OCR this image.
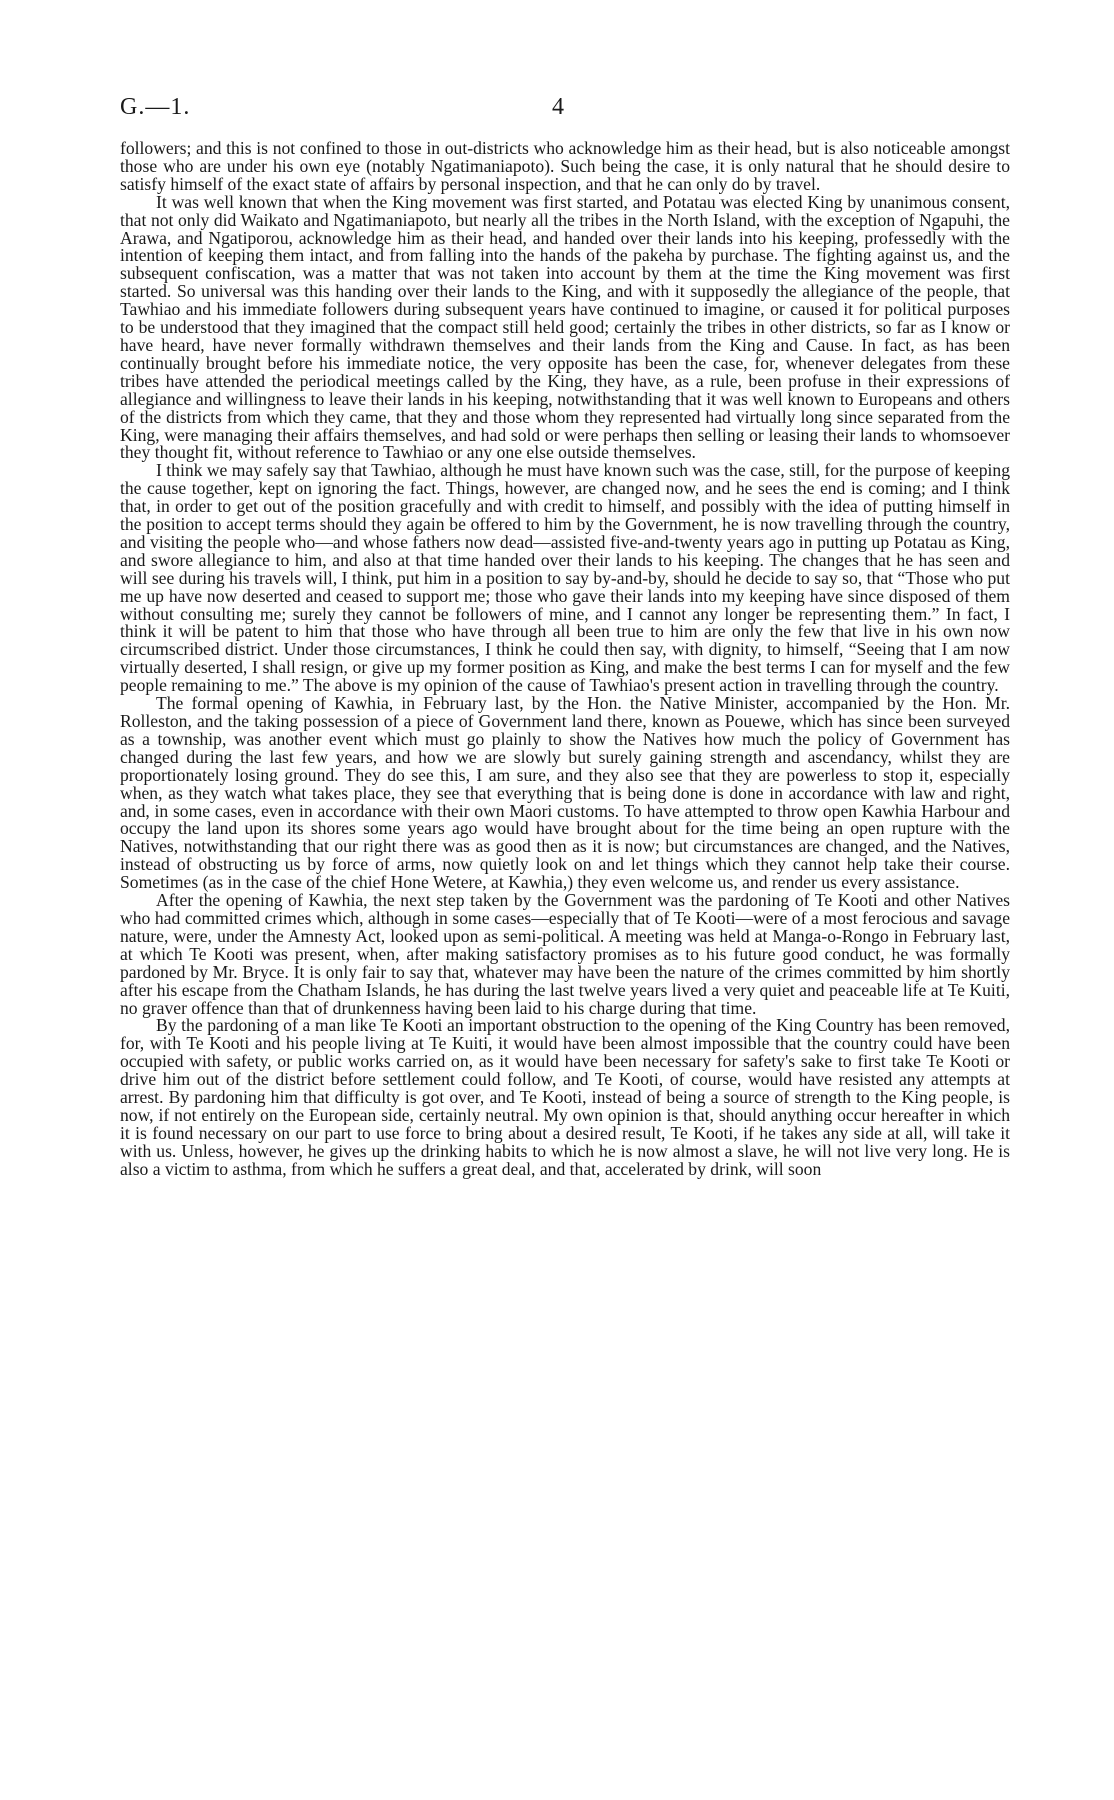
G.—1.	4

followers; and this is not confined to those in out-districts who acknowledge him as their head, but is also noticeable amongst those who are under his own eye (notably Ngatimaniapoto). Such being the case, it is only natural that he should desire to satisfy himself of the exact state of affairs by personal inspection, and that he can only do by travel.

It was well known that when the King movement was first started, and Potatau was elected King by unanimous consent, that not only did Waikato and Ngatimaniapoto, but nearly all the tribes in the North Island, with the exception of Ngapuhi, the Arawa, and Ngatiporou, acknowledge him as their head, and handed over their lands into his keeping, professedly with the intention of keeping them intact, and from falling into the hands of the pakeha by purchase. The fighting against us, and the subsequent confiscation, was a matter that was not taken into account by them at the time the King movement was first started. So universal was this handing over their lands to the King, and with it supposedly the allegiance of the people, that Tawhiao and his immediate followers during subsequent years have continued to imagine, or caused it for political purposes to be understood that they imagined that the compact still held good; certainly the tribes in other districts, so far as I know or have heard, have never formally withdrawn themselves and their lands from the King and Cause. In fact, as has been continually brought before his immediate notice, the very opposite has been the case, for, whenever delegates from these tribes have attended the periodical meetings called by the King, they have, as a rule, been profuse in their expressions of allegiance and willingness to leave their lands in his keeping, notwithstanding that it was well known to Europeans and others of the districts from which they came, that they and those whom they represented had virtually long since separated from the King, were managing their affairs themselves, and had sold or were perhaps then selling or leasing their lands to whomsoever they thought fit, without reference to Tawhiao or any one else outside themselves.

I think we may safely say that Tawhiao, although he must have known such was the case, still, for the purpose of keeping the cause together, kept on ignoring the fact. Things, however, are changed now, and he sees the end is coming; and I think that, in order to get out of the position gracefully and with credit to himself, and possibly with the idea of putting himself in the position to accept terms should they again be offered to him by the Government, he is now travelling through the country, and visiting the people who—and whose fathers now dead—assisted five-and-twenty years ago in putting up Potatau as King, and swore allegiance to him, and also at that time handed over their lands to his keeping. The changes that he has seen and will see during his travels will, I think, put him in a position to say by-and-by, should he decide to say so, that “Those who put me up have now deserted and ceased to support me; those who gave their lands into my keeping have since disposed of them without consulting me; surely they cannot be followers of mine, and I cannot any longer be representing them.” In fact, I think it will be patent to him that those who have through all been true to him are only the few that live in his own now circumscribed district. Under those circumstances, I think he could then say, with dignity, to himself, “Seeing that I am now virtually deserted, I shall resign, or give up my former position as King, and make the best terms I can for myself and the few people remaining to me.” The above is my opinion of the cause of Tawhiao's present action in travelling through the country.

The formal opening of Kawhia, in February last, by the Hon. the Native Minister, accompanied by the Hon. Mr. Rolleston, and the taking possession of a piece of Government land there, known as Pouewe, which has since been surveyed as a township, was another event which must go plainly to show the Natives how much the policy of Government has changed during the last few years, and how we are slowly but surely gaining strength and ascendancy, whilst they are proportionately losing ground. They do see this, I am sure, and they also see that they are powerless to stop it, especially when, as they watch what takes place, they see that everything that is being done is done in accordance with law and right, and, in some cases, even in accordance with their own Maori customs. To have attempted to throw open Kawhia Harbour and occupy the land upon its shores some years ago would have brought about for the time being an open rupture with the Natives, notwithstanding that our right there was as good then as it is now; but circumstances are changed, and the Natives, instead of obstructing us by force of arms, now quietly look on and let things which they cannot help take their course. Sometimes (as in the case of the chief Hone Wetere, at Kawhia,) they even welcome us, and render us every assistance.

After the opening of Kawhia, the next step taken by the Government was the pardoning of Te Kooti and other Natives who had committed crimes which, although in some cases—especially that of Te Kooti—were of a most ferocious and savage nature, were, under the Amnesty Act, looked upon as semi-political. A meeting was held at Manga-o-Rongo in February last, at which Te Kooti was present, when, after making satisfactory promises as to his future good conduct, he was formally pardoned by Mr. Bryce. It is only fair to say that, whatever may have been the nature of the crimes committed by him shortly after his escape from the Chatham Islands, he has during the last twelve years lived a very quiet and peaceable life at Te Kuiti, no graver offence than that of drunkenness having been laid to his charge during that time.

By the pardoning of a man like Te Kooti an important obstruction to the opening of the King Country has been removed, for, with Te Kooti and his people living at Te Kuiti, it would have been almost impossible that the country could have been occupied with safety, or public works carried on, as it would have been necessary for safety's sake to first take Te Kooti or drive him out of the district before settlement could follow, and Te Kooti, of course, would have resisted any attempts at arrest. By pardoning him that difficulty is got over, and Te Kooti, instead of being a source of strength to the King people, is now, if not entirely on the European side, certainly neutral. My own opinion is that, should anything occur hereafter in which it is found necessary on our part to use force to bring about a desired result, Te Kooti, if he takes any side at all, will take it with us. Unless, however, he gives up the drinking habits to which he is now almost a slave, he will not live very long. He is also a victim to asthma, from which he suffers a great deal, and that, accelerated by drink, will soon
